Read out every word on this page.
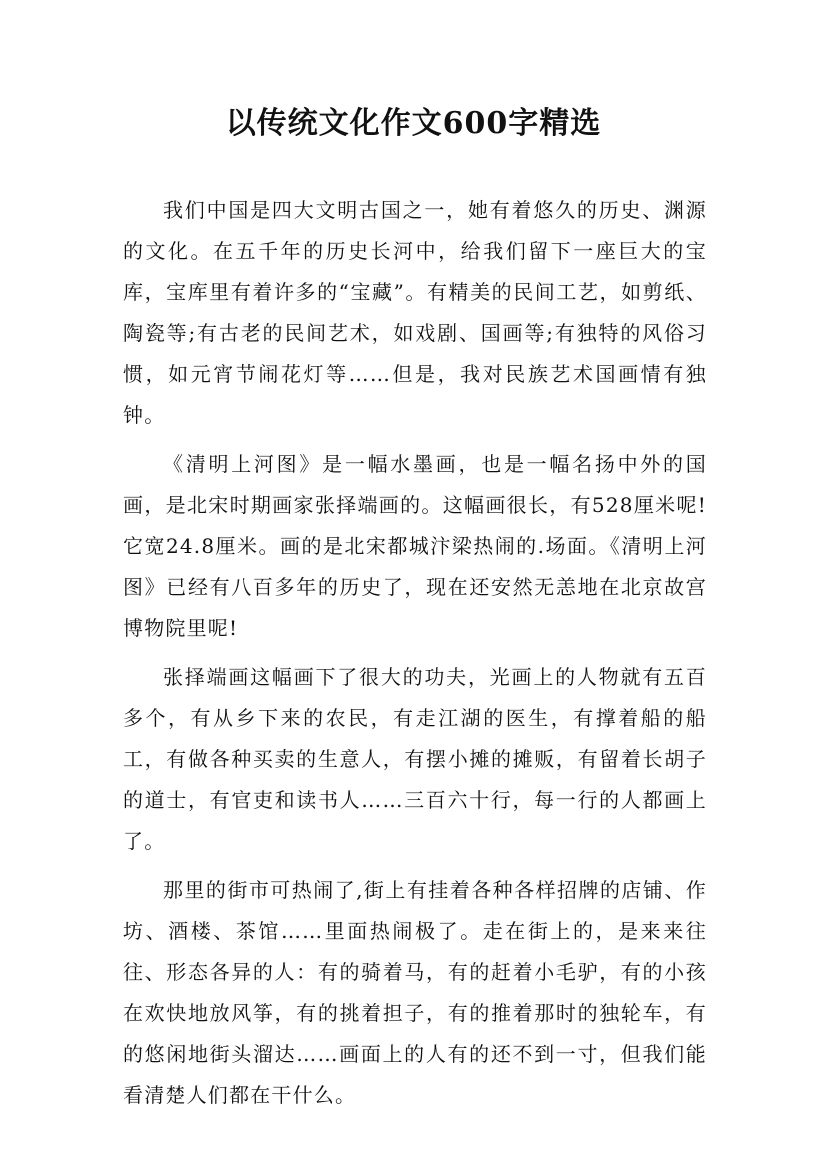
以传统文化作文600字精选

我们中国是四大文明古国之一，她有着悠久的历史、渊源的文化。在五千年的历史长河中，给我们留下一座巨大的宝库，宝库里有着许多的“宝藏”。有精美的民间工艺，如剪纸、陶瓷等;有古老的民间艺术，如戏剧、国画等;有独特的风俗习惯，如元宵节闹花灯等……但是，我对民族艺术国画情有独钟。

《清明上河图》是一幅水墨画，也是一幅名扬中外的国画，是北宋时期画家张择端画的。这幅画很长，有528厘米呢!它宽24.8厘米。画的是北宋都城汴梁热闹的.场面。《清明上河图》已经有八百多年的历史了，现在还安然无恙地在北京故宫博物院里呢!

张择端画这幅画下了很大的功夫，光画上的人物就有五百多个，有从乡下来的农民，有走江湖的医生，有撑着船的船工，有做各种买卖的生意人，有摆小摊的摊贩，有留着长胡子的道士，有官吏和读书人……三百六十行，每一行的人都画上了。

那里的街市可热闹了,街上有挂着各种各样招牌的店铺、作坊、酒楼、茶馆……里面热闹极了。走在街上的，是来来往往、形态各异的人：有的骑着马，有的赶着小毛驴，有的小孩在欢快地放风筝，有的挑着担子，有的推着那时的独轮车，有的悠闲地街头溜达……画面上的人有的还不到一寸，但我们能看清楚人们都在干什么。
